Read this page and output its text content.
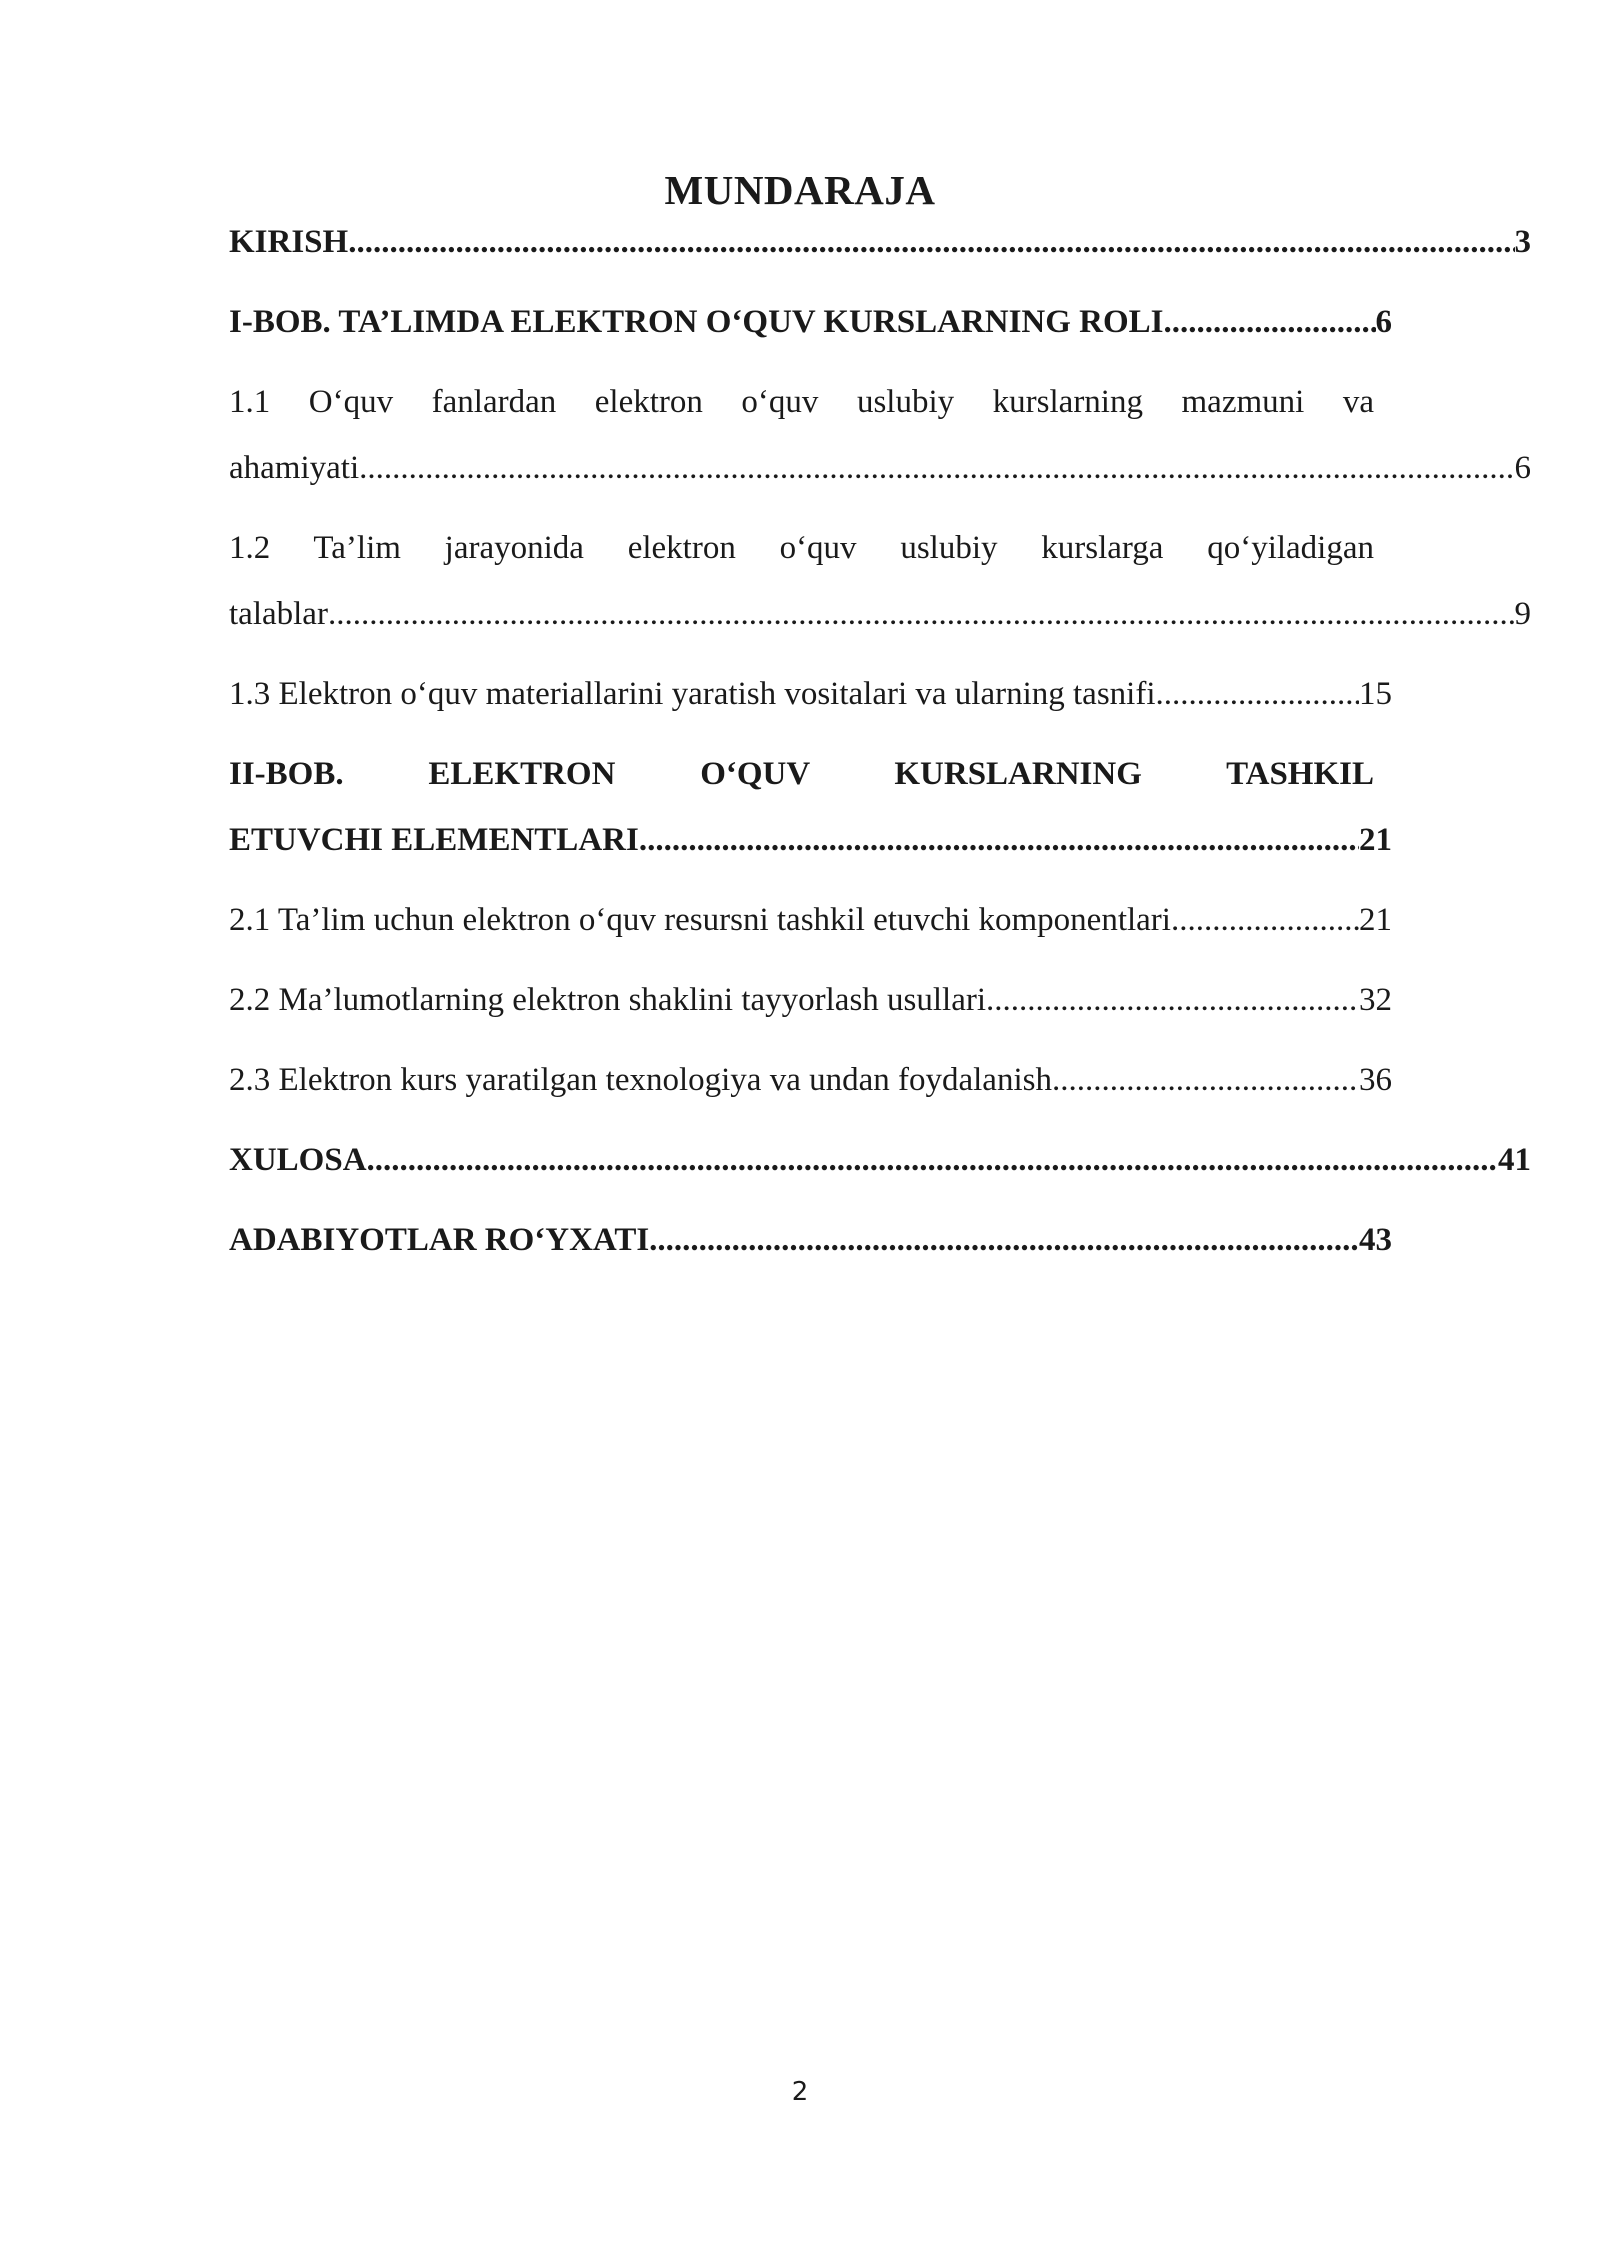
MUNDARAJA
KIRISH .....	3
I-BOB. TA’LIMDA ELEKTRON O‘QUV KURSLARNING ROLI .....	6
1.1 O‘quv fanlardan elektron o‘quv uslubiy kurslarning mazmuni va
ahamiyati .....	6
1.2 Ta’lim jarayonida elektron o‘quv uslubiy kurslarga qo‘yiladigan
talablar .....	9
1.3 Elektron o‘quv materiallarini yaratish vositalari va ularning tasnifi .....	15
II-BOB. ELEKTRON O‘QUV KURSLARNING TASHKIL
ETUVCHI ELEMENTLARI .....	21
2.1 Ta’lim uchun elektron o‘quv resursni tashkil etuvchi komponentlari .....	21
2.2 Ma’lumotlarning elektron shaklini tayyorlash usullari .....	32
2.3 Elektron kurs yaratilgan texnologiya va undan foydalanish .....	36
XULOSA .....	41
ADABIYOTLAR RO‘YXATI .....	43
2
